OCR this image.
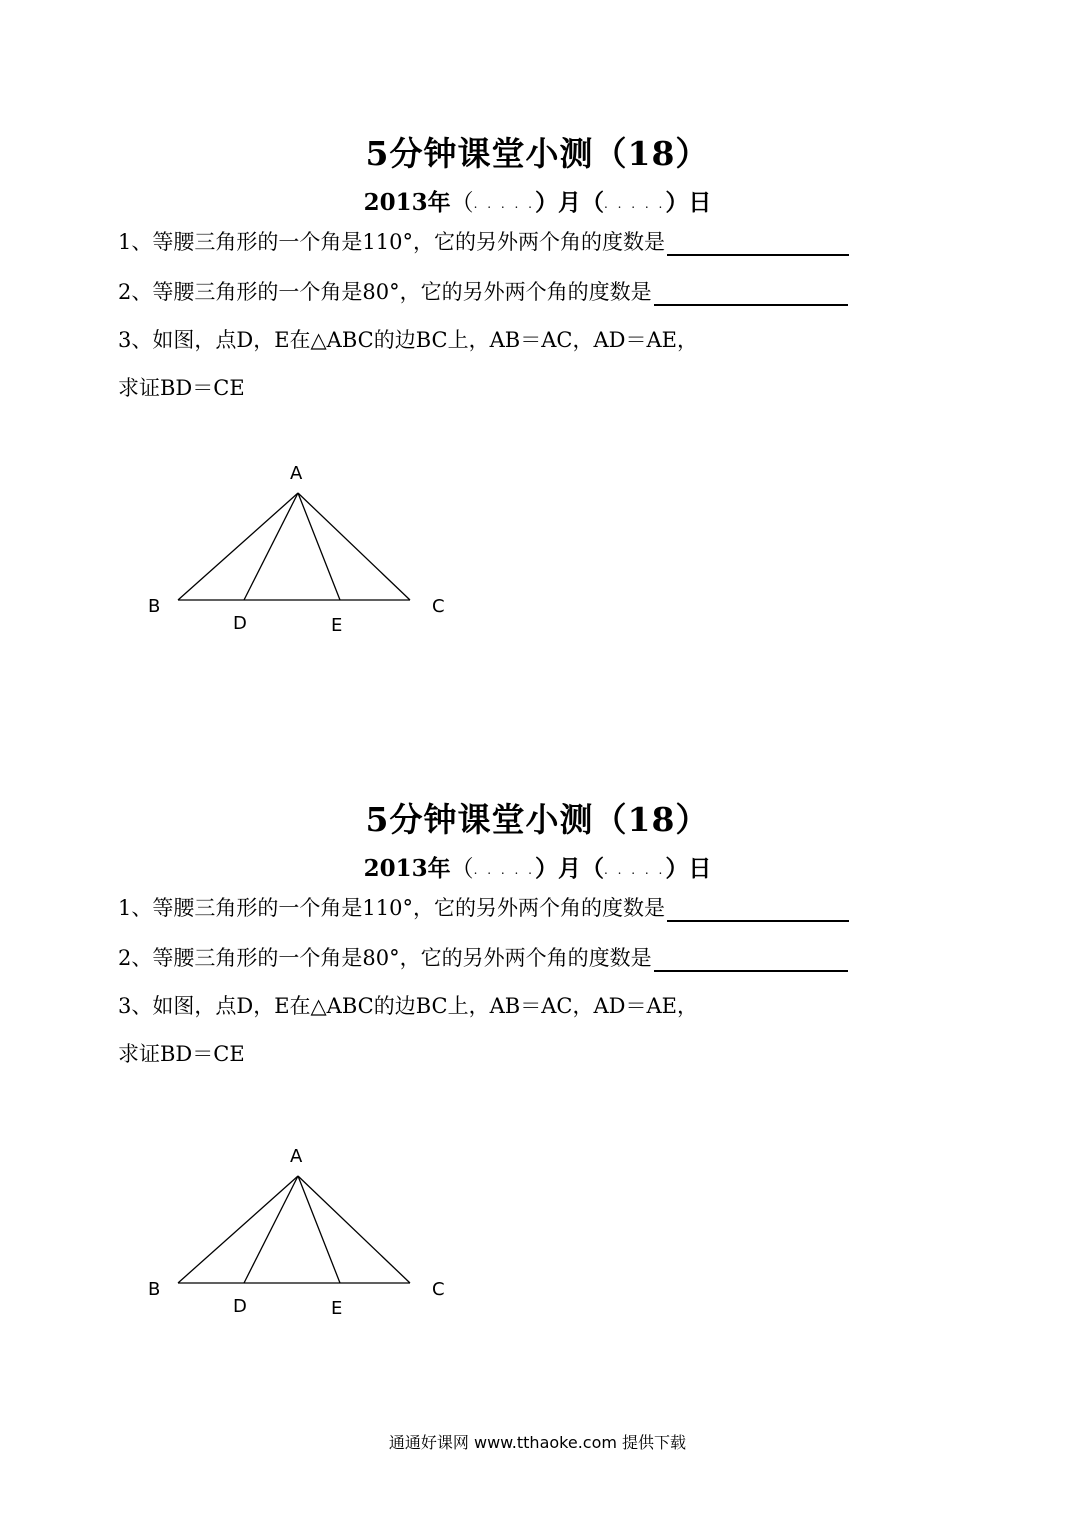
5分钟课堂小测（18）
2013年（. . . . .）月（. . . . .）日
1、等腰三角形的一个角是110°，它的另外两个角的度数是
2、等腰三角形的一个角是80°，它的另外两个角的度数是
3、如图，点D，E在△ABC的边BC上，AB＝AC，AD＝AE，
求证BD＝CE
A
B	C
D	E
5分钟课堂小测（18）
2013年（. . . . .）月（. . . . .）日
1、等腰三角形的一个角是110°，它的另外两个角的度数是
2、等腰三角形的一个角是80°，它的另外两个角的度数是
3、如图，点D，E在△ABC的边BC上，AB＝AC，AD＝AE，
求证BD＝CE
A
B	C
D	E
通通好课网 www.tthaoke.com 提供下载
